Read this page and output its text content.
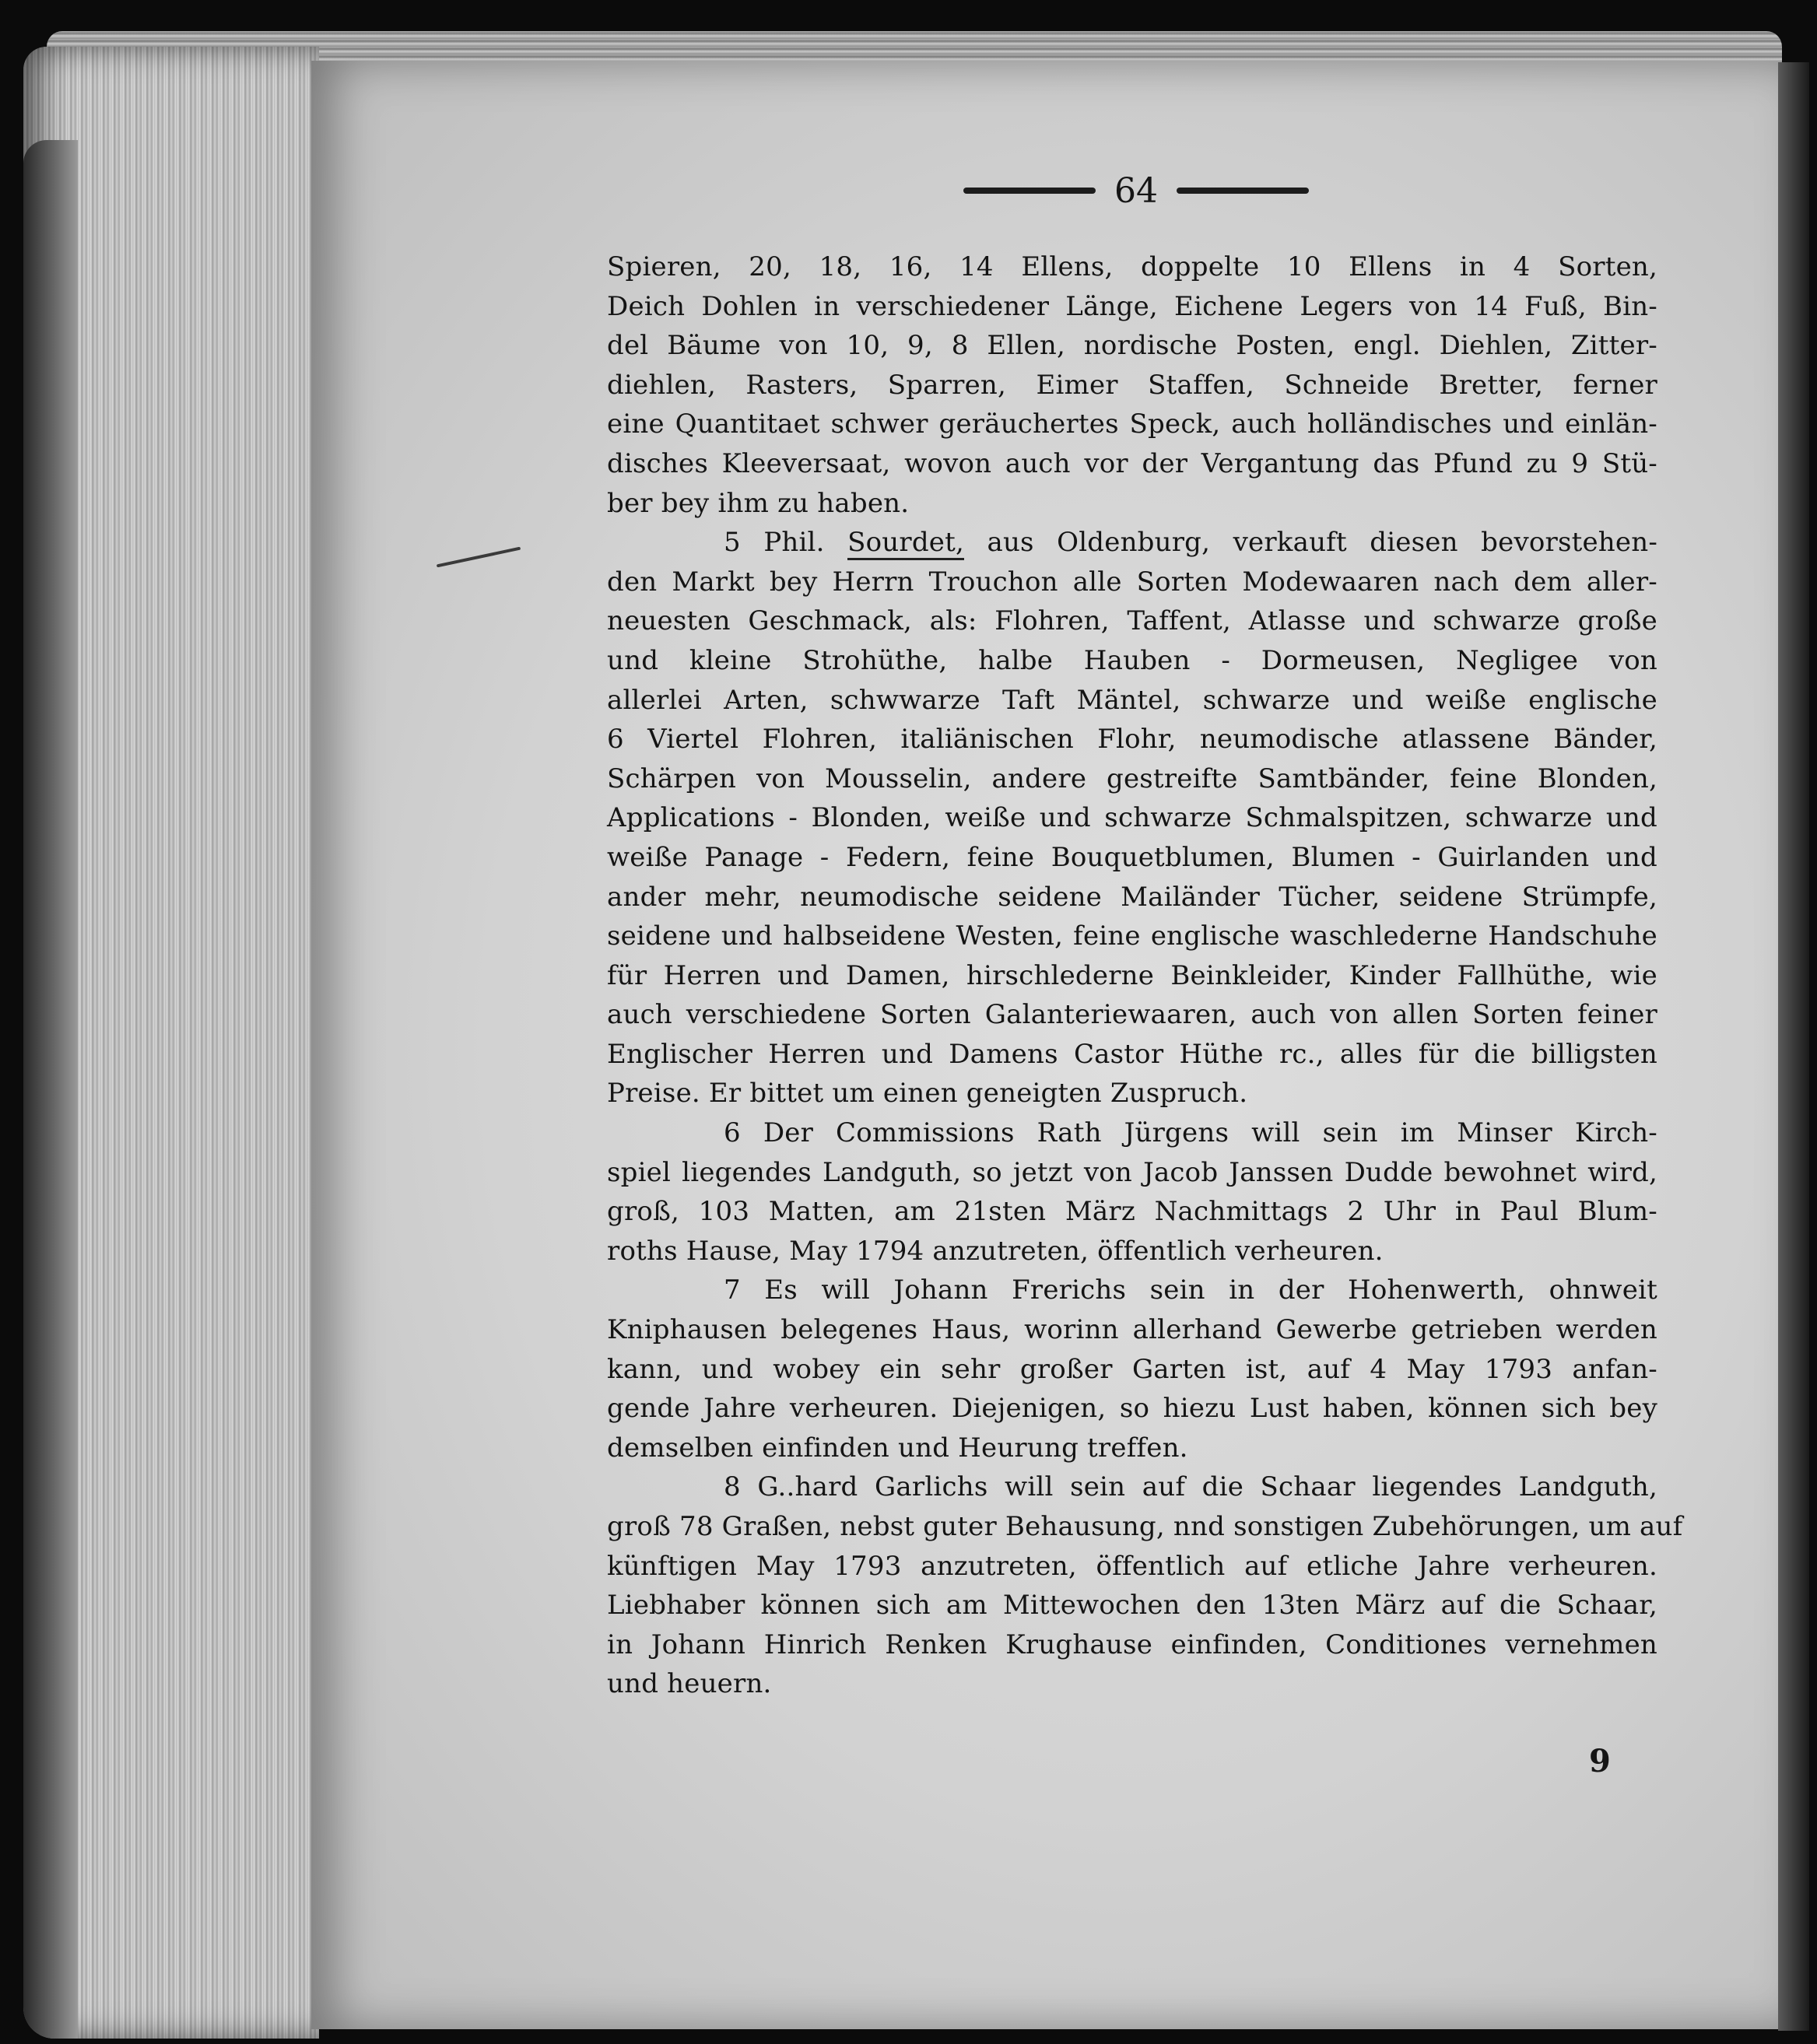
64
Spieren, 20, 18, 16, 14 Ellens, doppelte 10 Ellens in 4 Sorten,
Deich Dohlen in verschiedener Länge, Eichene Legers von 14 Fuß, Bin-
del Bäume von 10, 9, 8 Ellen, nordische Posten, engl. Diehlen, Zitter-
diehlen, Rasters, Sparren, Eimer Staffen, Schneide Bretter, ferner
eine Quantitaet schwer geräuchertes Speck, auch holländisches und einlän-
disches Kleeversaat, wovon auch vor der Vergantung das Pfund zu 9 Stü-
ber bey ihm zu haben.
5 Phil. Sourdet, aus Oldenburg, verkauft diesen bevorstehen-
den Markt bey Herrn Trouchon alle Sorten Modewaaren nach dem aller-
neuesten Geschmack, als: Flohren, Taffent, Atlasse und schwarze große
und kleine Strohüthe, halbe Hauben - Dormeusen, Negligee von
allerlei Arten, schwwarze Taft Mäntel, schwarze und weiße englische
6 Viertel Flohren, italiänischen Flohr, neumodische atlassene Bänder,
Schärpen von Mousselin, andere gestreifte Samtbänder, feine Blonden,
Applications - Blonden, weiße und schwarze Schmalspitzen, schwarze und
weiße Panage - Federn, feine Bouquetblumen, Blumen - Guirlanden und
ander mehr, neumodische seidene Mailänder Tücher, seidene Strümpfe,
seidene und halbseidene Westen, feine englische waschlederne Handschuhe
für Herren und Damen, hirschlederne Beinkleider, Kinder Fallhüthe, wie
auch verschiedene Sorten Galanteriewaaren, auch von allen Sorten feiner
Englischer Herren und Damens Castor Hüthe rc., alles für die billigsten
Preise. Er bittet um einen geneigten Zuspruch.
6 Der Commissions Rath Jürgens will sein im Minser Kirch-
spiel liegendes Landguth, so jetzt von Jacob Janssen Dudde bewohnet wird,
groß, 103 Matten, am 21sten März Nachmittags 2 Uhr in Paul Blum-
roths Hause, May 1794 anzutreten, öffentlich verheuren.
7 Es will Johann Frerichs sein in der Hohenwerth, ohnweit
Kniphausen belegenes Haus, worinn allerhand Gewerbe getrieben werden
kann, und wobey ein sehr großer Garten ist, auf 4 May 1793 anfan-
gende Jahre verheuren. Diejenigen, so hiezu Lust haben, können sich bey
demselben einfinden und Heurung treffen.
8 G..hard Garlichs will sein auf die Schaar liegendes Landguth,
groß 78 Graßen, nebst guter Behausung, nnd sonstigen Zubehörungen, um auf
künftigen May 1793 anzutreten, öffentlich auf etliche Jahre verheuren.
Liebhaber können sich am Mittewochen den 13ten März auf die Schaar,
in Johann Hinrich Renken Krughause einfinden, Conditiones vernehmen
und heuern.
9
